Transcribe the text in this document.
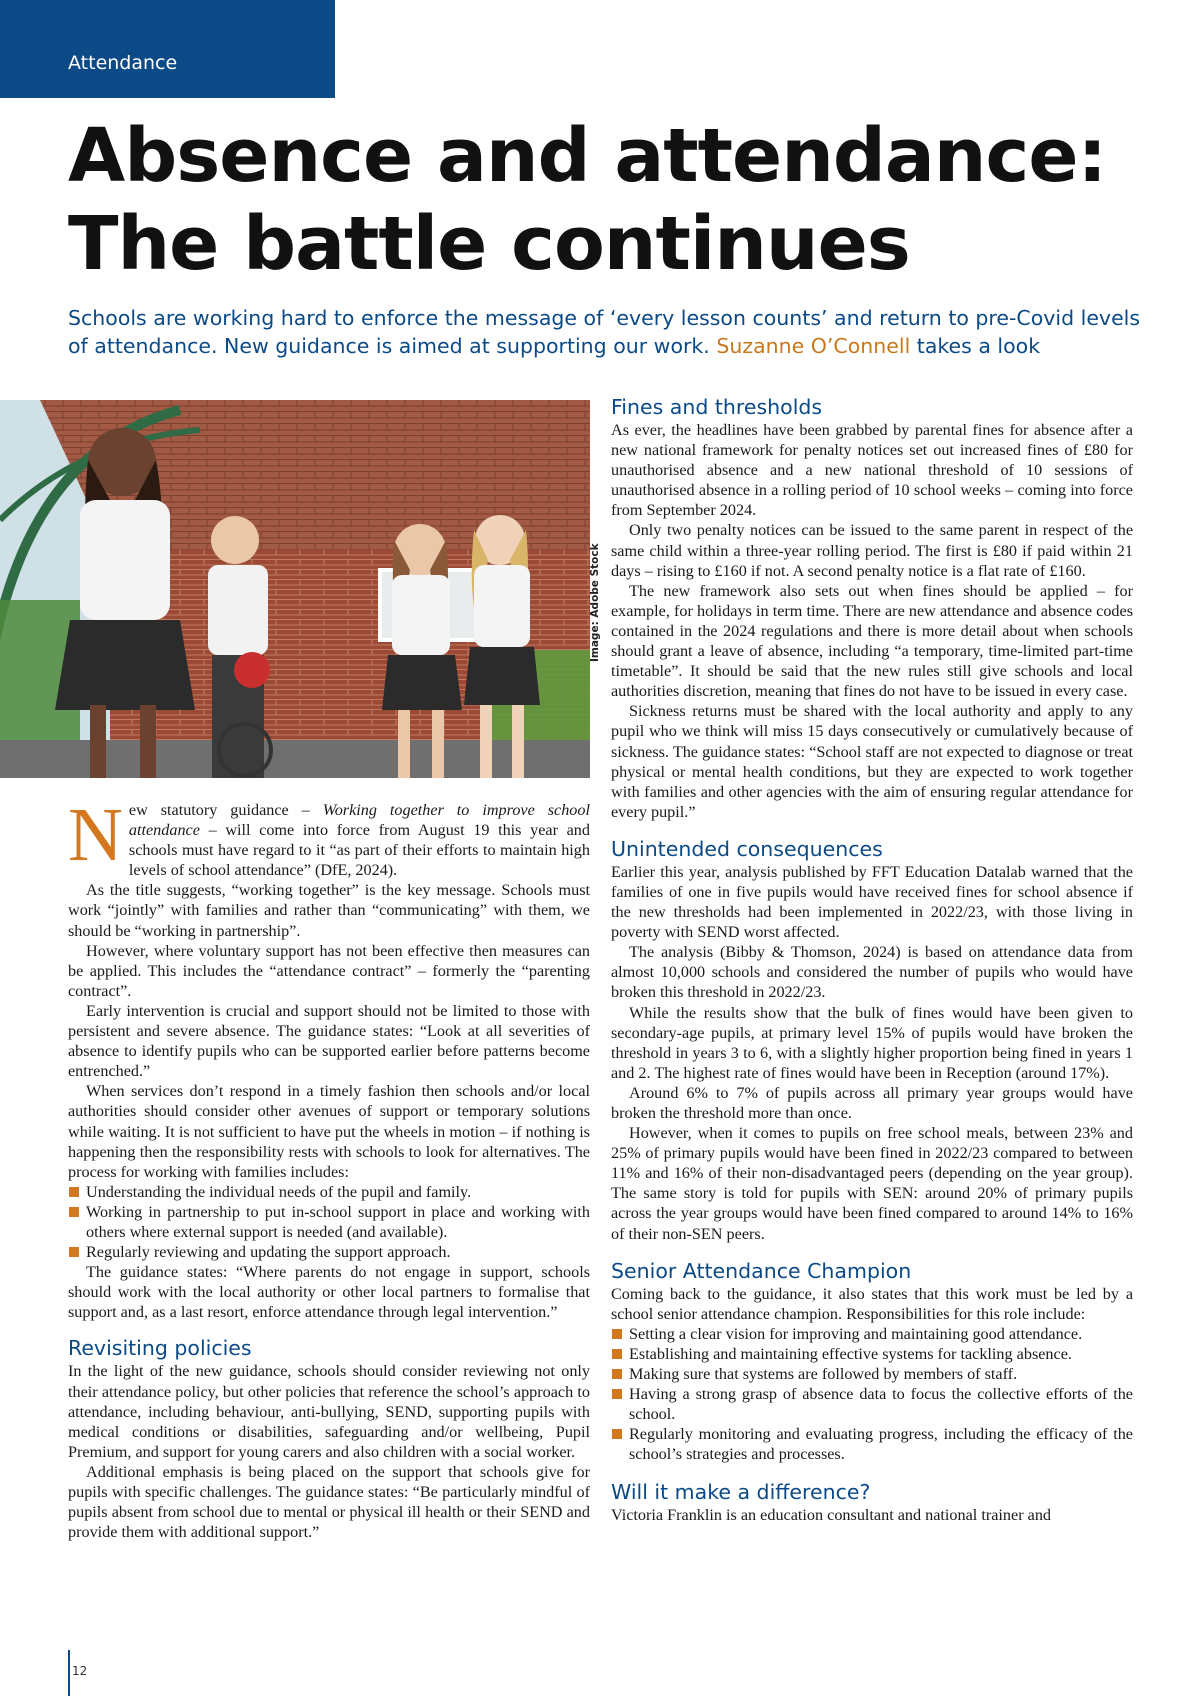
Attendance
Absence and attendance:
The battle continues

Schools are working hard to enforce the message of ‘every lesson counts’ and return to pre-Covid levels of attendance. New guidance is aimed at supporting our work. Suzanne O’Connell takes a look

Image: Adobe Stock

New statutory guidance – Working together to improve school attendance – will come into force from August 19 this year and schools must have regard to it “as part of their efforts to maintain high levels of school attendance” (DfE, 2024).

As the title suggests, “working together” is the key message. Schools must work “jointly” with families and rather than “communicating” with them, we should be “working in partnership”.

However, where voluntary support has not been effective then measures can be applied. This includes the “attendance contract” – formerly the “parenting contract”.

Early intervention is crucial and support should not be limited to those with persistent and severe absence. The guidance states: “Look at all severities of absence to identify pupils who can be supported earlier before patterns become entrenched.”

When services don’t respond in a timely fashion then schools and/or local authorities should consider other avenues of support or temporary solutions while waiting. It is not sufficient to have put the wheels in motion – if nothing is happening then the responsibility rests with schools to look for alternatives. The process for working with families includes:

Understanding the individual needs of the pupil and family.
Working in partnership to put in-school support in place and working with others where external support is needed (and available).
Regularly reviewing and updating the support approach.

The guidance states: “Where parents do not engage in support, schools should work with the local authority or other local partners to formalise that support and, as a last resort, enforce attendance through legal intervention.”

Revisiting policies

In the light of the new guidance, schools should consider reviewing not only their attendance policy, but other policies that reference the school’s approach to attendance, including behaviour, anti-bullying, SEND, supporting pupils with medical conditions or disabilities, safeguarding and/or wellbeing, Pupil Premium, and support for young carers and also children with a social worker.

Additional emphasis is being placed on the support that schools give for pupils with specific challenges. The guidance states: “Be particularly mindful of pupils absent from school due to mental or physical ill health or their SEND and provide them with additional support.”

Fines and thresholds

As ever, the headlines have been grabbed by parental fines for absence after a new national framework for penalty notices set out increased fines of £80 for unauthorised absence and a new national threshold of 10 sessions of unauthorised absence in a rolling period of 10 school weeks – coming into force from September 2024.

Only two penalty notices can be issued to the same parent in respect of the same child within a three-year rolling period. The first is £80 if paid within 21 days – rising to £160 if not. A second penalty notice is a flat rate of £160.

The new framework also sets out when fines should be applied – for example, for holidays in term time. There are new attendance and absence codes contained in the 2024 regulations and there is more detail about when schools should grant a leave of absence, including “a temporary, time-limited part-time timetable”. It should be said that the new rules still give schools and local authorities discretion, meaning that fines do not have to be issued in every case.

Sickness returns must be shared with the local authority and apply to any pupil who we think will miss 15 days consecutively or cumulatively because of sickness. The guidance states: “School staff are not expected to diagnose or treat physical or mental health conditions, but they are expected to work together with families and other agencies with the aim of ensuring regular attendance for every pupil.”

Unintended consequences

Earlier this year, analysis published by FFT Education Datalab warned that the families of one in five pupils would have received fines for school absence if the new thresholds had been implemented in 2022/23, with those living in poverty with SEND worst affected.

The analysis (Bibby & Thomson, 2024) is based on attendance data from almost 10,000 schools and considered the number of pupils who would have broken this threshold in 2022/23.

While the results show that the bulk of fines would have been given to secondary-age pupils, at primary level 15% of pupils would have broken the threshold in years 3 to 6, with a slightly higher proportion being fined in years 1 and 2. The highest rate of fines would have been in Reception (around 17%).

Around 6% to 7% of pupils across all primary year groups would have broken the threshold more than once.

However, when it comes to pupils on free school meals, between 23% and 25% of primary pupils would have been fined in 2022/23 compared to between 11% and 16% of their non-disadvantaged peers (depending on the year group). The same story is told for pupils with SEN: around 20% of primary pupils across the year groups would have been fined compared to around 14% to 16% of their non-SEN peers.

Senior Attendance Champion

Coming back to the guidance, it also states that this work must be led by a school senior attendance champion. Responsibilities for this role include:

Setting a clear vision for improving and maintaining good attendance.
Establishing and maintaining effective systems for tackling absence.
Making sure that systems are followed by members of staff.
Having a strong grasp of absence data to focus the collective efforts of the school.
Regularly monitoring and evaluating progress, including the efficacy of the school’s strategies and processes.
Will it make a difference?

Victoria Franklin is an education consultant and national trainer and

12
